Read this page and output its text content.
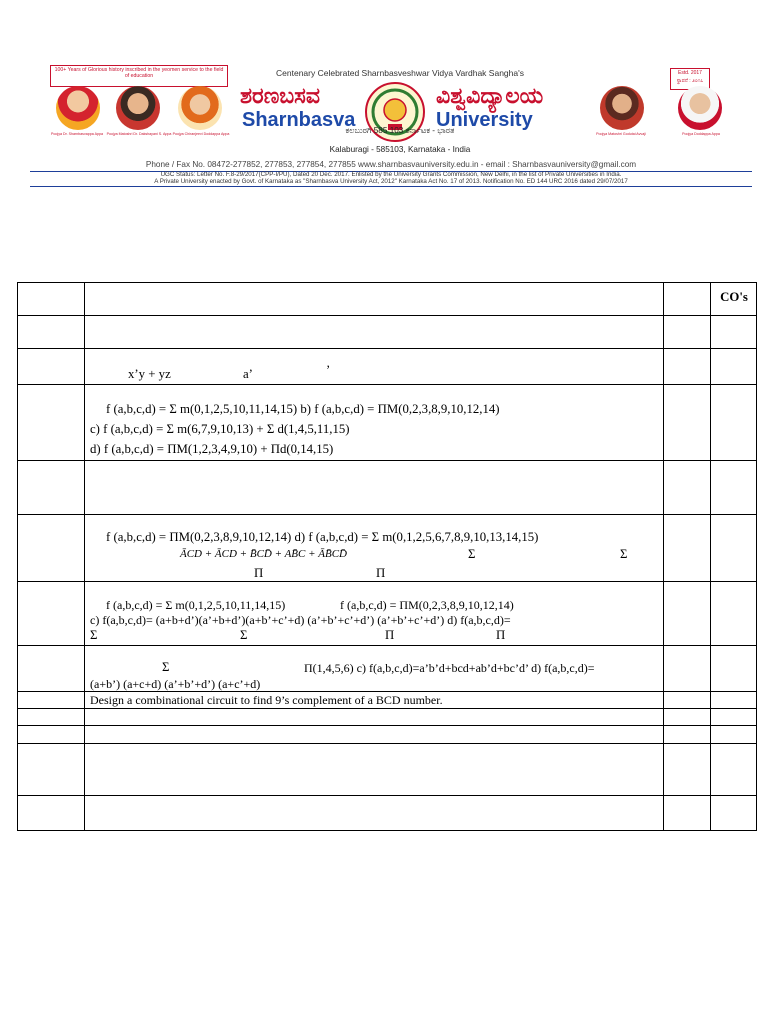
100+ Years of Glorious history inscribed in the yeomen service to the field of education	Centenary Celebrated Sharnbasveshwar Vidya Vardhak Sangha's	Estd. 2017
ಸ್ಥಾಪನೆ : ೨೦೧೭
Poojya Dr. Sharnbasvappa Appa	Poojya Matoshri Dr. Dakshayani S. Appa Poojya Chiranjeevi Doddappa Appa
ಶರಣಬಸವ
Sharnbasva
ವಿಶ್ವವಿದ್ಯಾಲಯ
University
Kalaburagi - 585103, Karnataka - India
ಕಲಬುರಗಿ 585 103 ಕರ್ನಾಟಕ - ಭಾರತ	Poojya Matoshri Godutai Avvaji	Poojya Doddappa Appa
Phone / Fax No. 08472-277852, 277853, 277854, 277855 www.sharnbasvauniversity.edu.in - email : Sharnbasvauniversity@gmail.com
UGC Status: Letter No. F.8-29/2017(CPP-I/PU), Dated 20 Dec. 2017. Enlisted by the University Grants Commission, New Delhi, in the list of Private Universities in India.
A Private University enacted by Govt. of Karnataka as "Sharnbasva University Act, 2012" Karnataka Act No. 17 of 2013. Notification No. ED 144 URC 2016 dated 29/07/2017
CO's
x’y + yz	a’	’
f (a,b,c,d) = Σ m(0,1,2,5,10,11,14,15) b) f (a,b,c,d) = ΠM(0,2,3,8,9,10,12,14)
c) f (a,b,c,d) = Σ m(6,7,9,10,13) + Σ d(1,4,5,11,15)
d) f (a,b,c,d) = ΠM(1,2,3,4,9,10) + Πd(0,14,15)
f (a,b,c,d) = ΠM(0,2,3,8,9,10,12,14) d) f (a,b,c,d) = Σ m(0,1,2,5,6,7,8,9,10,13,14,15)
ĀCD + ĀCD + B̄CD̄ + AB̄C + ĀB̄CD̄	Σ	Σ
Π	Π
f (a,b,c,d) = Σ m(0,1,2,5,10,11,14,15)	f (a,b,c,d) = ΠM(0,2,3,8,9,10,12,14)
c) f(a,b,c,d)= (a+b+d’)(a’+b+d’)(a+b’+c’+d) (a’+b’+c’+d’) (a’+b’+c’+d’) d) f(a,b,c,d)=
Σ	Σ	Π	Π
Σ	Π(1,4,5,6) c) f(a,b,c,d)=a’b’d+bcd+ab’d+bc’d’ d) f(a,b,c,d)=
(a+b’) (a+c+d) (a’+b’+d’) (a+c’+d)
Design a combinational circuit to find 9’s complement of a BCD number.
